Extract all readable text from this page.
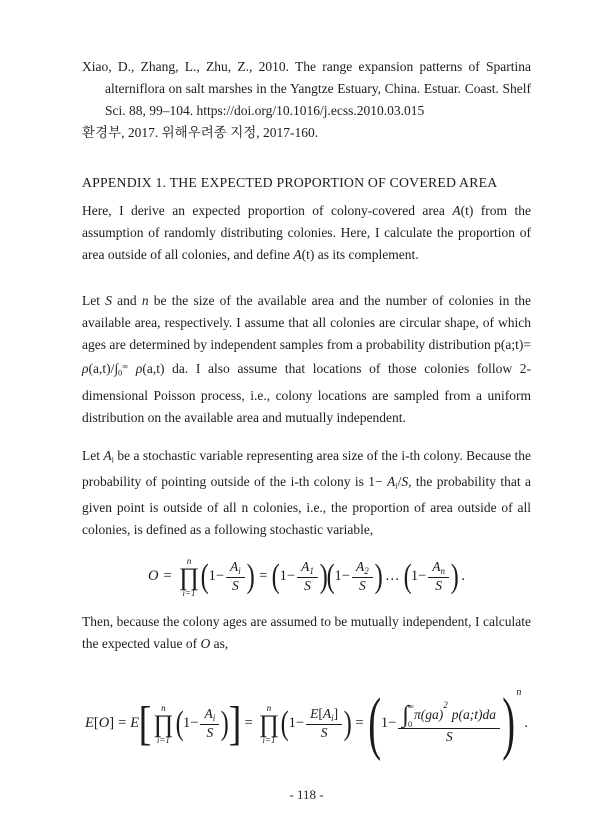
Xiao, D., Zhang, L., Zhu, Z., 2010. The range expansion patterns of Spartina alterniflora on salt marshes in the Yangtze Estuary, China. Estuar. Coast. Shelf Sci. 88, 99–104. https://doi.org/10.1016/j.ecss.2010.03.015

환경부, 2017. 위해우려종 지정, 2017-160.

APPENDIX 1. THE EXPECTED PROPORTION OF COVERED AREA

Here, I derive an expected proportion of colony-covered area A(t) from the assumption of randomly distributing colonies. Here, I calculate the proportion of area outside of all colonies, and define A(t) as its complement.

Let S and n be the size of the available area and the number of colonies in the available area, respectively. I assume that all colonies are circular shape, of which ages are determined by independent samples from a probability distribution p(a;t)= ρ(a,t)/∫0∞ ρ(a,t) da. I also assume that locations of those colonies follow 2-dimensional Poisson process, i.e., colony locations are sampled from a uniform distribution on the available area and mutually independent.

Let Ai be a stochastic variable representing area size of the i-th colony. Because the probability of pointing outside of the i-th colony is 1− Ai/S, the probability that a given point is outside of all n colonies, i.e., the proportion of area outside of all colonies, is defined as a following stochastic variable,

O =
n
∏
i=1 ( $1- \frac{A_i}{S}$ ) = ( $1- \frac{A_1}{S}$ ) ( $1- \frac{A_2}{S}$ ) … ( $1- \frac{A_n}{S}$ ) .

Then, because the colony ages are assumed to be mutually independent, I calculate the expected value of O as,

E [ O ] = E [ n
∏
i=1 ( $1- \frac{A_i}{S}$ ) ] =
n
∏
i=1 ( $1- \frac{E[A_i]}{S}$ ) = ( 1− ∫ ∞
0
π(ga)
2
p(a;t)da
S ) n
.
- 118 -
